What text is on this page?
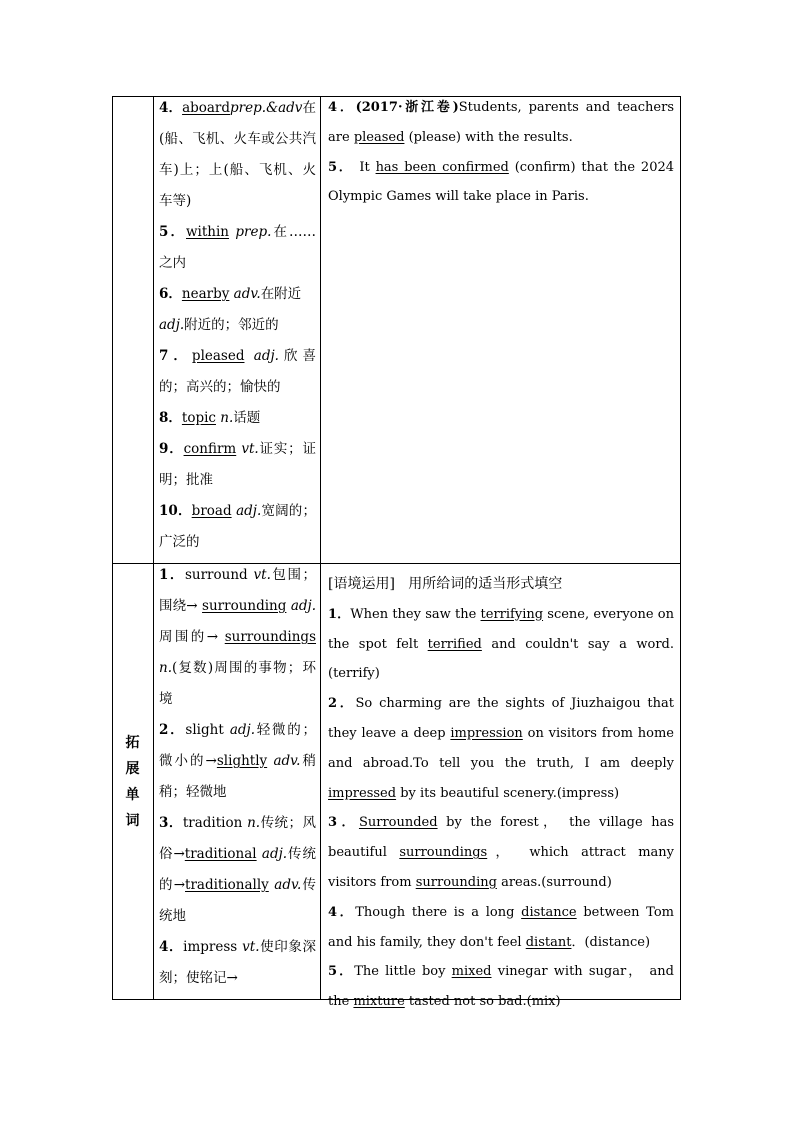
4．aboardprep.&adv在(船、飞机、火车或公共汽车)上；上(船、飞机、火车等)

5．within prep.在……之内

6．nearby adv.在附近
adj.附近的；邻近的

7．pleased adj.欣喜的；高兴的；愉快的

8．topic n.话题

9．confirm vt.证实；证明；批准

10．broad adj.宽阔的；广泛的

4．(2017·浙江卷)Students, parents and teachers are pleased (please) with the results.

5． It has been confirmed (confirm) that the 2024 Olympic Games will take place in Paris.

拓
展
单
词

1．surround vt.包围；围绕→ surrounding adj. 周围的→ surroundings n.(复数)周围的事物；环境

2．slight adj.轻微的；微小的→slightly adv.稍稍；轻微地

3．tradition n.传统；风俗→traditional adj.传统的→traditionally adv.传统地

4．impress vt.使印象深刻；使铭记→

[语境运用] 用所给词的适当形式填空

1．When they saw the terrifying scene, everyone on the spot felt terrified and couldn't say a word.(terrify)

2．So charming are the sights of Jiuzhaigou that they leave a deep impression on visitors from home and abroad.To tell you the truth, I am deeply impressed by its beautiful scenery.(impress)

3．Surrounded by the forest， the village has beautiful surroundings， which attract many visitors from surrounding areas.(surround)

4．Though there is a long distance between Tom and his family, they don't feel distant．(distance)

5．The little boy mixed vinegar with sugar， and the mixture tasted not so bad.(mix)
